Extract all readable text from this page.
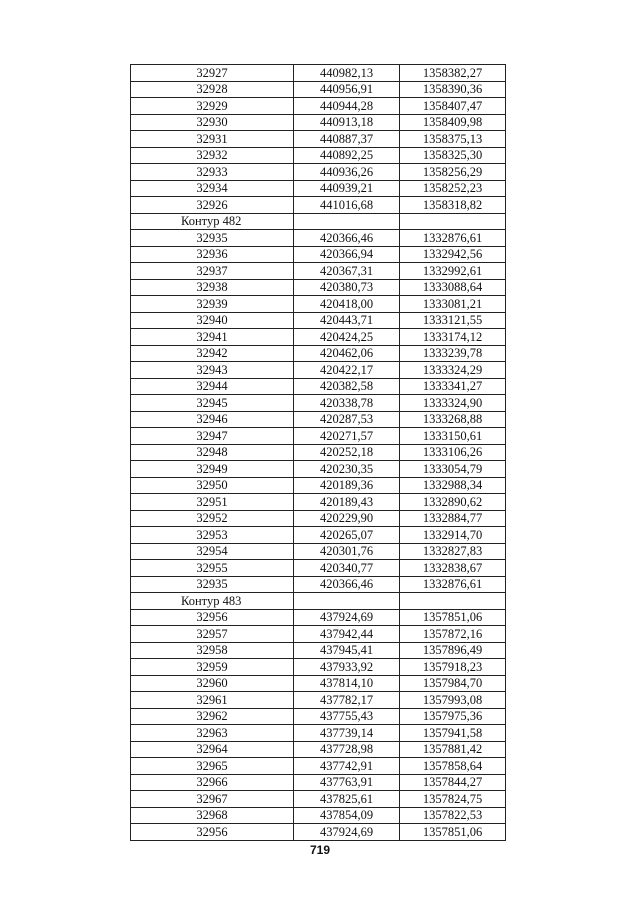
32927	440982,13	1358382,27
32928	440956,91	1358390,36
32929	440944,28	1358407,47
32930	440913,18	1358409,98
32931	440887,37	1358375,13
32932	440892,25	1358325,30
32933	440936,26	1358256,29
32934	440939,21	1358252,23
32926	441016,68	1358318,82
Контур 482		
32935	420366,46	1332876,61
32936	420366,94	1332942,56
32937	420367,31	1332992,61
32938	420380,73	1333088,64
32939	420418,00	1333081,21
32940	420443,71	1333121,55
32941	420424,25	1333174,12
32942	420462,06	1333239,78
32943	420422,17	1333324,29
32944	420382,58	1333341,27
32945	420338,78	1333324,90
32946	420287,53	1333268,88
32947	420271,57	1333150,61
32948	420252,18	1333106,26
32949	420230,35	1333054,79
32950	420189,36	1332988,34
32951	420189,43	1332890,62
32952	420229,90	1332884,77
32953	420265,07	1332914,70
32954	420301,76	1332827,83
32955	420340,77	1332838,67
32935	420366,46	1332876,61
Контур 483		
32956	437924,69	1357851,06
32957	437942,44	1357872,16
32958	437945,41	1357896,49
32959	437933,92	1357918,23
32960	437814,10	1357984,70
32961	437782,17	1357993,08
32962	437755,43	1357975,36
32963	437739,14	1357941,58
32964	437728,98	1357881,42
32965	437742,91	1357858,64
32966	437763,91	1357844,27
32967	437825,61	1357824,75
32968	437854,09	1357822,53
32956	437924,69	1357851,06
719
